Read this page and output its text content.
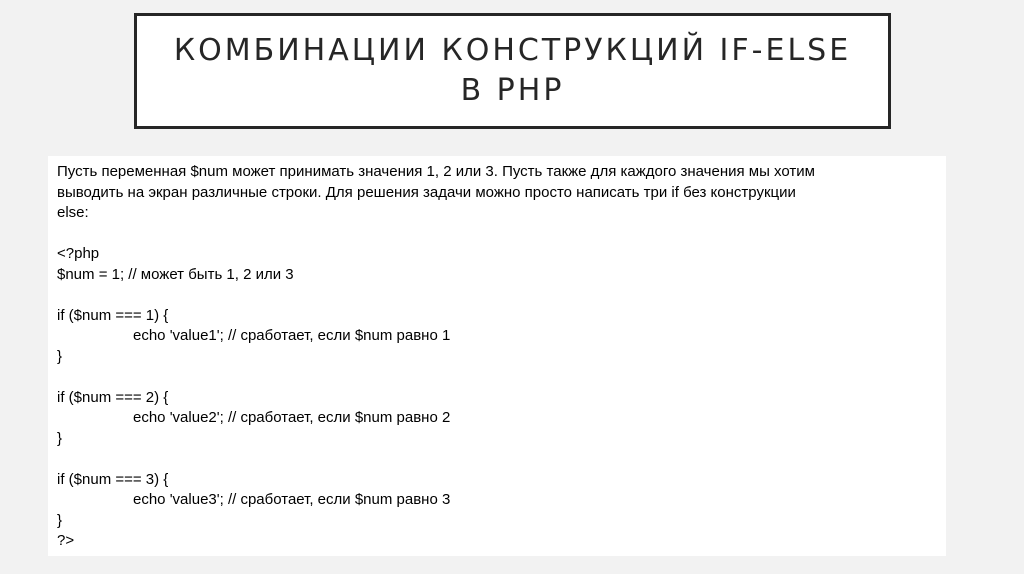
КОМБИНАЦИИ КОНСТРУКЦИЙ IF-ELSE
В PHP
Пусть переменная $num может принимать значения 1, 2 или 3. Пусть также для каждого значения мы хотим
выводить на экран различные строки. Для решения задачи можно просто написать три if без конструкции
else:
<?php
$num = 1; // может быть 1, 2 или 3
if ($num === 1) {
echo 'value1'; // сработает, если $num равно 1
}
if ($num === 2) {
echo 'value2'; // сработает, если $num равно 2
}
if ($num === 3) {
echo 'value3'; // сработает, если $num равно 3
}
?>
